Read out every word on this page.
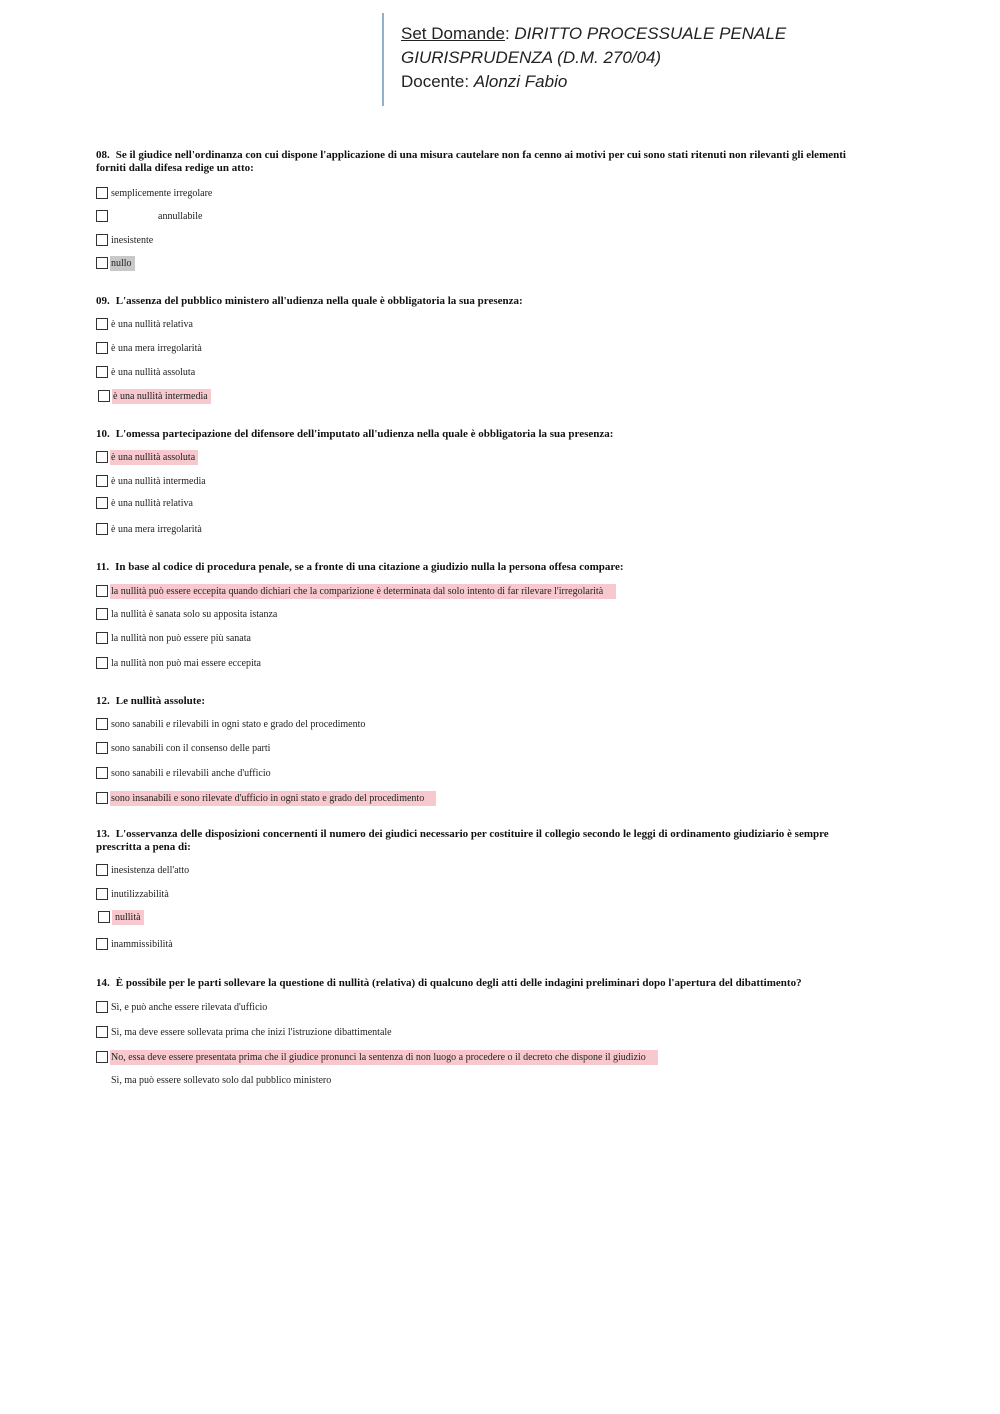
Set Domande: DIRITTO PROCESSUALE PENALE
GIURISPRUDENZA (D.M. 270/04)
Docente: Alonzi Fabio
08. Se il giudice nell'ordinanza con cui dispone l'applicazione di una misura cautelare non fa cenno ai motivi per cui sono stati ritenuti non rilevanti gli elementi
forniti dalla difesa redige un atto:
semplicemente irregolare
annullabile
inesistente
nullo
09. L'assenza del pubblico ministero all'udienza nella quale è obbligatoria la sua presenza:
è una nullità relativa
è una mera irregolarità
è una nullità assoluta
è una nullità intermedia
10. L'omessa partecipazione del difensore dell'imputato all'udienza nella quale è obbligatoria la sua presenza:
è una nullità assoluta
è una nullità intermedia
è una nullità relativa
è una mera irregolarità
11. In base al codice di procedura penale, se a fronte di una citazione a giudizio nulla la persona offesa compare:
la nullità può essere eccepita quando dichiari che la comparizione è determinata dal solo intento di far rilevare l'irregolarità
la nullità è sanata solo su apposita istanza
la nullità non può essere più sanata
la nullità non può mai essere eccepita
12. Le nullità assolute:
sono sanabili e rilevabili in ogni stato e grado del procedimento
sono sanabili con il consenso delle parti
sono sanabili e rilevabili anche d'ufficio
sono insanabili e sono rilevate d'ufficio in ogni stato e grado del procedimento
13. L'osservanza delle disposizioni concernenti il numero dei giudici necessario per costituire il collegio secondo le leggi di ordinamento giudiziario è sempre
prescritta a pena di:
inesistenza dell'atto
inutilizzabilità
nullità
inammissibilità
14. È possibile per le parti sollevare la questione di nullità (relativa) di qualcuno degli atti delle indagini preliminari dopo l'apertura del dibattimento?
Sì, e può anche essere rilevata d'ufficio
Sì, ma deve essere sollevata prima che inizi l'istruzione dibattimentale
No, essa deve essere presentata prima che il giudice pronunci la sentenza di non luogo a procedere o il decreto che dispone il giudizio
Sì, ma può essere sollevato solo dal pubblico ministero
